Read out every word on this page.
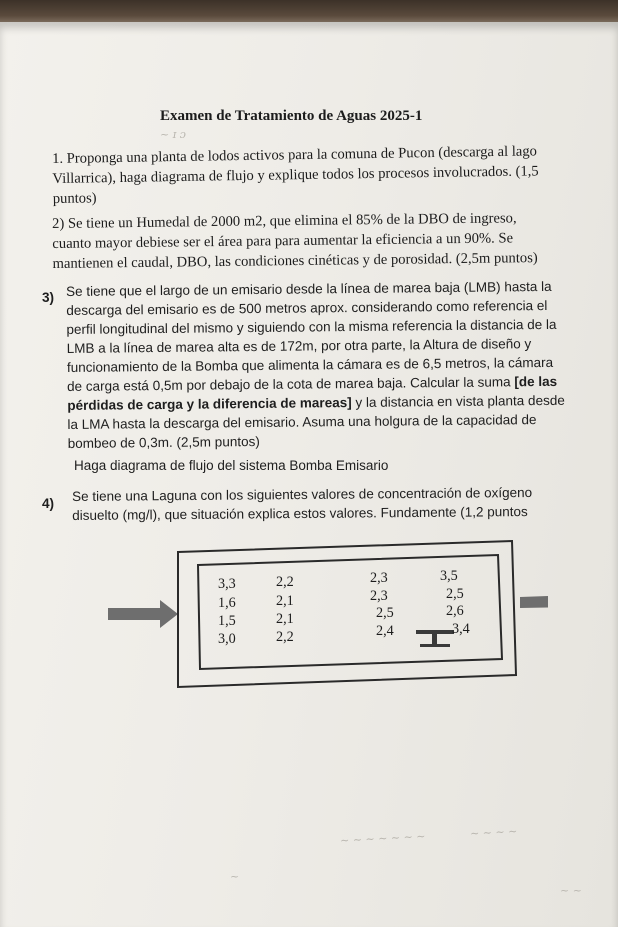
Examen de Tratamiento de Aguas 2025-1
~ ɪ ɔ

1. Proponga una planta de lodos activos para la comuna de Pucon (descarga al lago Villarrica), haga diagrama de flujo y explique todos los procesos involucrados. (1,5 puntos)

2) Se tiene un Humedal de 2000 m2, que elimina el 85% de la DBO de ingreso, cuanto mayor debiese ser el área para para aumentar la eficiencia a un 90%. Se mantienen el caudal, DBO, las condiciones cinéticas y de porosidad. (2,5m puntos)

3) Se tiene que el largo de un emisario desde la línea de marea baja (LMB) hasta la descarga del emisario es de 500 metros aprox. considerando como referencia el perfil longitudinal del mismo y siguiendo con la misma referencia la distancia de la LMB a la línea de marea alta es de 172m, por otra parte, la Altura de diseño y funcionamiento de la Bomba que alimenta la cámara es de 6,5 metros, la cámara de carga está 0,5m por debajo de la cota de marea baja. Calcular la suma [de las pérdidas de carga y la diferencia de mareas] y la distancia en vista planta desde la LMA hasta la descarga del emisario. Asuma una holgura de la capacidad de bombeo de 0,3m. (2,5m puntos)

Haga diagrama de flujo del sistema Bomba Emisario
4) Se tiene una Laguna con los siguientes valores de concentración de oxígeno disuelto (mg/l), que situación explica estos valores. Fundamente (1,2 puntos

3,3
1,6
1,5
3,0
2,2
2,1
2,1
2,2
2,3
2,3
2,5
2,4
3,5
2,5
2,6
3,4
~ ~ ~ ~ ~ ~ ~	~ ~ ~ ~
~
~ ~
